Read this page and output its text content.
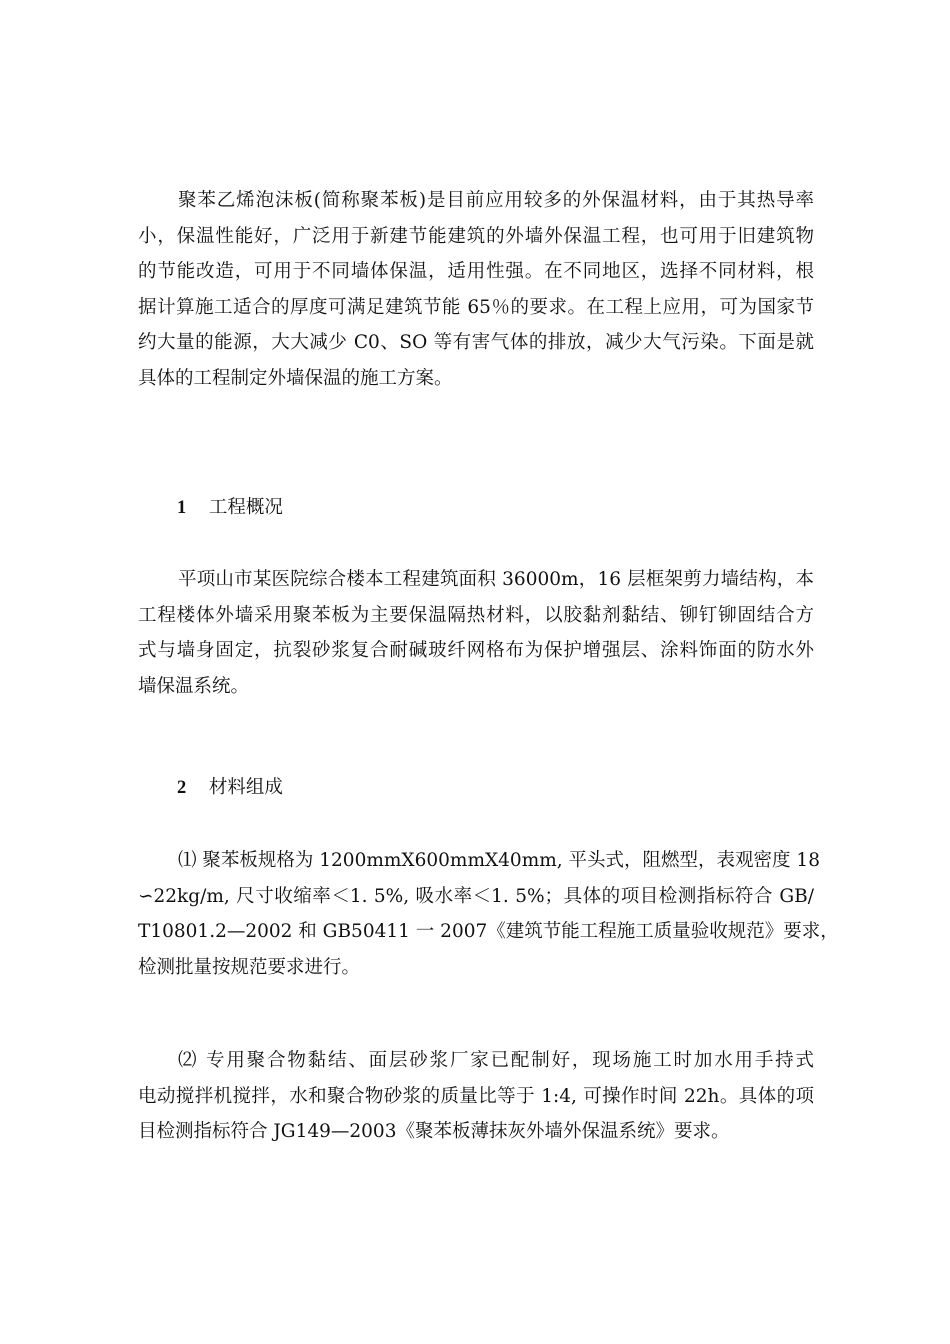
聚苯乙烯泡沫板(简称聚苯板)是目前应用较多的外保温材料，由于其热导率
小，保温性能好，广泛用于新建节能建筑的外墙外保温工程，也可用于旧建筑物
的节能改造，可用于不同墙体保温，适用性强。在不同地区，选择不同材料，根
据计算施工适合的厚度可满足建筑节能 65％的要求。在工程上应用，可为国家节
约大量的能源，大大减少 C0、SO 等有害气体的排放，减少大气污染。下面是就
具体的工程制定外墙保温的施工方案。
1 工程概况
平项山市某医院综合楼本工程建筑面积 36000m，16 层框架剪力墙结构，本
工程楼体外墙采用聚苯板为主要保温隔热材料，以胶黏剂黏结、铆钉铆固结合方
式与墙身固定，抗裂砂浆复合耐碱玻纤网格布为保护增强层、涂料饰面的防水外
墙保温系统。
2 材料组成
⑴ 聚苯板规格为 1200mmX600mmX40mm, 平头式，阻燃型，表观密度 18
∽22kg/m, 尺寸收缩率＜1. 5%, 吸水率＜1. 5%；具体的项目检测指标符合 GB/
T10801.2—2002 和 GB50411 一 2007《建筑节能工程施工质量验收规范》要求，
检测批量按规范要求进行。
⑵ 专用聚合物黏结、面层砂浆厂家已配制好，现场施工时加水用手持式
电动搅拌机搅拌，水和聚合物砂浆的质量比等于 1:4, 可操作时间 22h。具体的项
目检测指标符合 JG149—2003《聚苯板薄抹灰外墙外保温系统》要求。
